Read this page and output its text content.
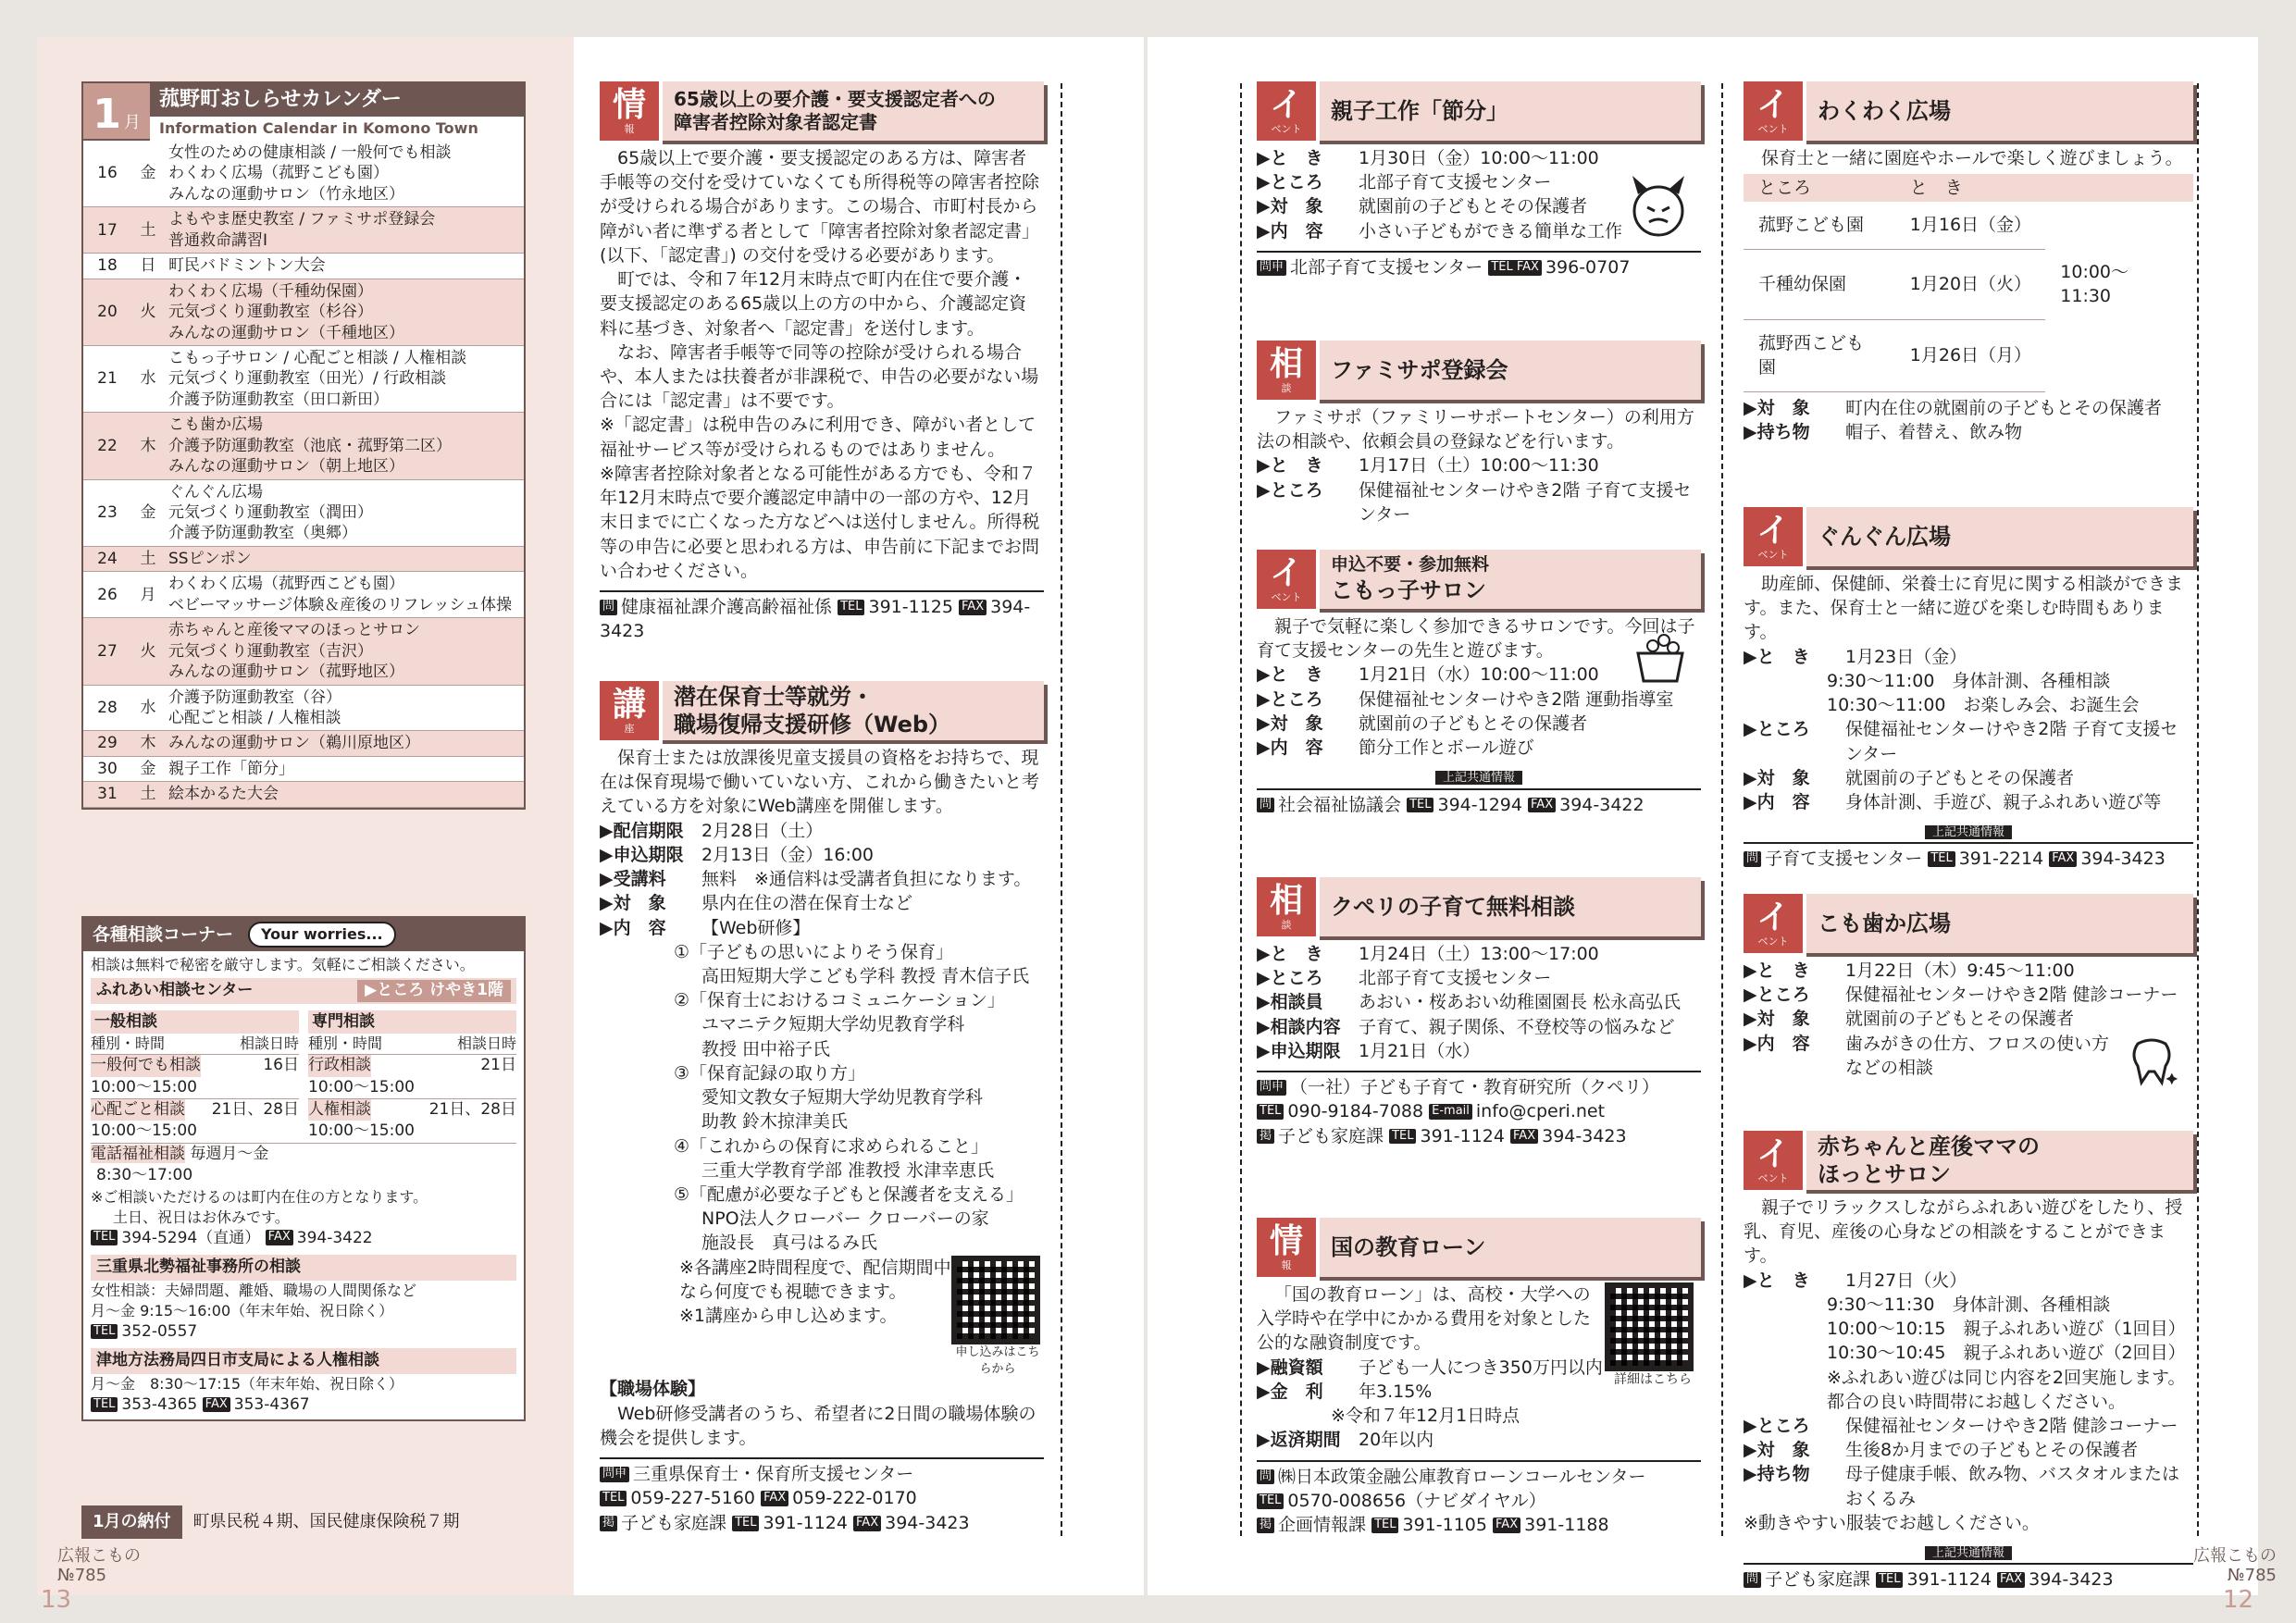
1 月
菰野町おしらせカレンダー
Information Calendar in Komono Town
16	金
女性のための健康相談 / 一般何でも相談
わくわく広場（菰野こども園）
みんなの運動サロン（竹永地区）
17	土
よもやま歴史教室 / ファミサポ登録会
普通救命講習Ⅰ
18	日 町民バドミントン大会
20	火
わくわく広場（千種幼保園）
元気づくり運動教室（杉谷）
みんなの運動サロン（千種地区）
21	水
こもっ子サロン / 心配ごと相談 / 人権相談
元気づくり運動教室（田光）/ 行政相談
介護予防運動教室（田口新田）
22	木
こも歯か広場
介護予防運動教室（池底・菰野第二区）
みんなの運動サロン（朝上地区）
23	金
ぐんぐん広場
元気づくり運動教室（潤田）
介護予防運動教室（奥郷）
24	土 SSピンポン
26	月
わくわく広場（菰野西こども園）
ベビーマッサージ体験＆産後のリフレッシュ体操
27	火
赤ちゃんと産後ママのほっとサロン
元気づくり運動教室（吉沢）
みんなの運動サロン（菰野地区）
28	水
介護予防運動教室（谷）
心配ごと相談 / 人権相談
29	木 みんなの運動サロン（鵜川原地区）
30	金 親子工作「節分」
31	土 絵本かるた大会
各種相談コーナー	Your worries...
相談は無料で秘密を厳守します。気軽にご相談ください。
ふれあい相談センター	▶ところ けやき1階
一般相談
種別・時間	相談日時
一般何でも相談	16日
10:00～15:00
心配ごと相談 21日、28日
10:00～15:00
専門相談
種別・時間	相談日時
行政相談	21日
10:00～15:00
人権相談	21日、28日
10:00～15:00
電話福祉相談 毎週月～金
8:30～17:00
※ご相談いただけるのは町内在住の方となります。
土日、祝日はお休みです。
TEL 394-5294（直通） FAX 394-3422
三重県北勢福祉事務所の相談
女性相談：夫婦問題、離婚、職場の人間関係など
月～金 9:15～16:00（年末年始、祝日除く）
TEL 352-0557
津地方法務局四日市支局による人権相談
月～金　8:30～17:15（年末年始、祝日除く）
TEL 353-4365 FAX 353-4367
1月の納付	町県民税４期、国民健康保険税７期
広報こもの
№785
13
広報こもの
№785
12
情
報
65歳以上の要介護・要支援認定者への
障害者控除対象者認定書

65歳以上で要介護・要支援認定のある方は、障害者手帳等の交付を受けていなくても所得税等の障害者控除が受けられる場合があります。この場合、市町村長から障がい者に準ずる者として「障害者控除対象者認定書」(以下、「認定書」) の交付を受ける必要があります。

町では、令和７年12月末時点で町内在住で要介護・要支援認定のある65歳以上の方の中から、介護認定資料に基づき、対象者へ「認定書」を送付します。

なお、障害者手帳等で同等の控除が受けられる場合や、本人または扶養者が非課税で、申告の必要がない場合には「認定書」は不要です。

※「認定書」は税申告のみに利用でき、障がい者として福祉サービス等が受けられるものではありません。
※障害者控除対象者となる可能性がある方でも、令和７年12月末時点で要介護認定申請中の一部の方や、12月末日までに亡くなった方などへは送付しません。所得税等の申告に必要と思われる方は、申告前に下記までお問い合わせください。
問 健康福祉課介護高齢福祉係 TEL 391-1125 FAX 394-3423
講
座
潜在保育士等就労・
職場復帰支援研修（Web）

保育士または放課後児童支援員の資格をお持ちで、現在は保育現場で働いていない方、これから働きたいと考えている方を対象にWeb講座を開催します。

▶配信期限	2月28日（土）
▶申込期限	2月13日（金）16:00
▶受講料	無料　※通信料は受講者負担になります。
▶対　象	県内在住の潜在保育士など
▶内　容	【Web研修】
①「子どもの思いによりそう保育」
高田短期大学こども学科 教授 青木信子氏
②「保育士におけるコミュニケーション」
ユマニテク短期大学幼児教育学科
教授 田中裕子氏
③「保育記録の取り方」
愛知文教女子短期大学幼児教育学科
助教 鈴木掠津美氏
④「これからの保育に求められること」
三重大学教育学部 准教授 氷津幸恵氏
⑤「配慮が必要な子どもと保護者を支える」
NPO法人クローバー クローバーの家
施設長　真弓はるみ氏
※各講座2時間程度で、配信期間中なら何度でも視聴できます。
※1講座から申し込めます。
申し込みはこちらから
【職場体験】

Web研修受講者のうち、希望者に2日間の職場体験の機会を提供します。

問申 三重県保育士・保育所支援センター
TEL 059-227-5160 FAX 059-222-0170
掲 子ども家庭課 TEL 391-1124 FAX 394-3423
イ
ベント
親子工作「節分」
▶と　き	1月30日（金）10:00～11:00
▶ところ	北部子育て支援センター
▶対　象	就園前の子どもとその保護者
▶内　容	小さい子どもができる簡単な工作
問申 北部子育て支援センター TEL FAX 396-0707
相
談
ファミサポ登録会

ファミサポ（ファミリーサポートセンター）の利用方法の相談や、依頼会員の登録などを行います。

▶と　き	1月17日（土）10:00～11:30
▶ところ	保健福祉センターけやき2階 子育て支援センター
イ
ベント
申込不要・参加無料
こもっ子サロン

親子で気軽に楽しく参加できるサロンです。今回は子育て支援センターの先生と遊びます。

▶と　き	1月21日（水）10:00～11:00
▶ところ	保健福祉センターけやき2階 運動指導室
▶対　象	就園前の子どもとその保護者
▶内　容	節分工作とボール遊び
上記共通情報
問 社会福祉協議会 TEL 394-1294 FAX 394-3422
相
談
クペリの子育て無料相談
▶と　き	1月24日（土）13:00～17:00
▶ところ	北部子育て支援センター
▶相談員	あおい・桜あおい幼稚園園長 松永高弘氏
▶相談内容	子育て、親子関係、不登校等の悩みなど
▶申込期限	1月21日（水）
問申 （一社）子ども子育て・教育研究所（クペリ）
TEL 090-9184-7088 E-mail info@cperi.net
掲 子ども家庭課 TEL 391-1124 FAX 394-3423
情
報
国の教育ローン

「国の教育ローン」は、高校・大学への入学時や在学中にかかる費用を対象とした公的な融資制度です。

▶融資額	子ども一人につき350万円以内
▶金　利	年3.15%
※令和７年12月1日時点
▶返済期間	20年以内
詳細はこちら
問 ㈱日本政策金融公庫教育ローンコールセンター
TEL 0570-008656（ナビダイヤル）
掲 企画情報課 TEL 391-1105 FAX 391-1188
イ
ベント
わくわく広場

保育士と一緒に園庭やホールで楽しく遊びましょう。

ところ	と　き	
菰野こども園	1月16日（金）	
千種幼保園	1月20日（火）	10:00～11:30
菰野西こども園	1月26日（月）	
▶対　象	町内在住の就園前の子どもとその保護者
▶持ち物	帽子、着替え、飲み物
イ
ベント
ぐんぐん広場

助産師、保健師、栄養士に育児に関する相談ができます。また、保育士と一緒に遊びを楽しむ時間もあります。

▶と　き	1月23日（金）
9:30～11:00　身体計測、各種相談
10:30～11:00　お楽しみ会、お誕生会
▶ところ	保健福祉センターけやき2階 子育て支援センター
▶対　象	就園前の子どもとその保護者
▶内　容	身体計測、手遊び、親子ふれあい遊び等
上記共通情報
問 子育て支援センター TEL 391-2214 FAX 394-3423
イ
ベント
こも歯か広場
▶と　き	1月22日（木）9:45～11:00
▶ところ	保健福祉センターけやき2階 健診コーナー
▶対　象	就園前の子どもとその保護者
▶内　容	歯みがきの仕方、フロスの使い方などの相談
イ
ベント
赤ちゃんと産後ママの
ほっとサロン

親子でリラックスしながらふれあい遊びをしたり、授乳、育児、産後の心身などの相談をすることができます。

▶と　き	1月27日（火）
9:30～11:30　身体計測、各種相談
10:00～10:15　親子ふれあい遊び（1回目）
10:30～10:45　親子ふれあい遊び（2回目）
※ふれあい遊びは同じ内容を2回実施します。都合の良い時間帯にお越しください。
▶ところ	保健福祉センターけやき2階 健診コーナー
▶対　象	生後8か月までの子どもとその保護者
▶持ち物	母子健康手帳、飲み物、バスタオルまたはおくるみ
※動きやすい服装でお越しください。
上記共通情報
問 子ども家庭課 TEL 391-1124 FAX 394-3423
